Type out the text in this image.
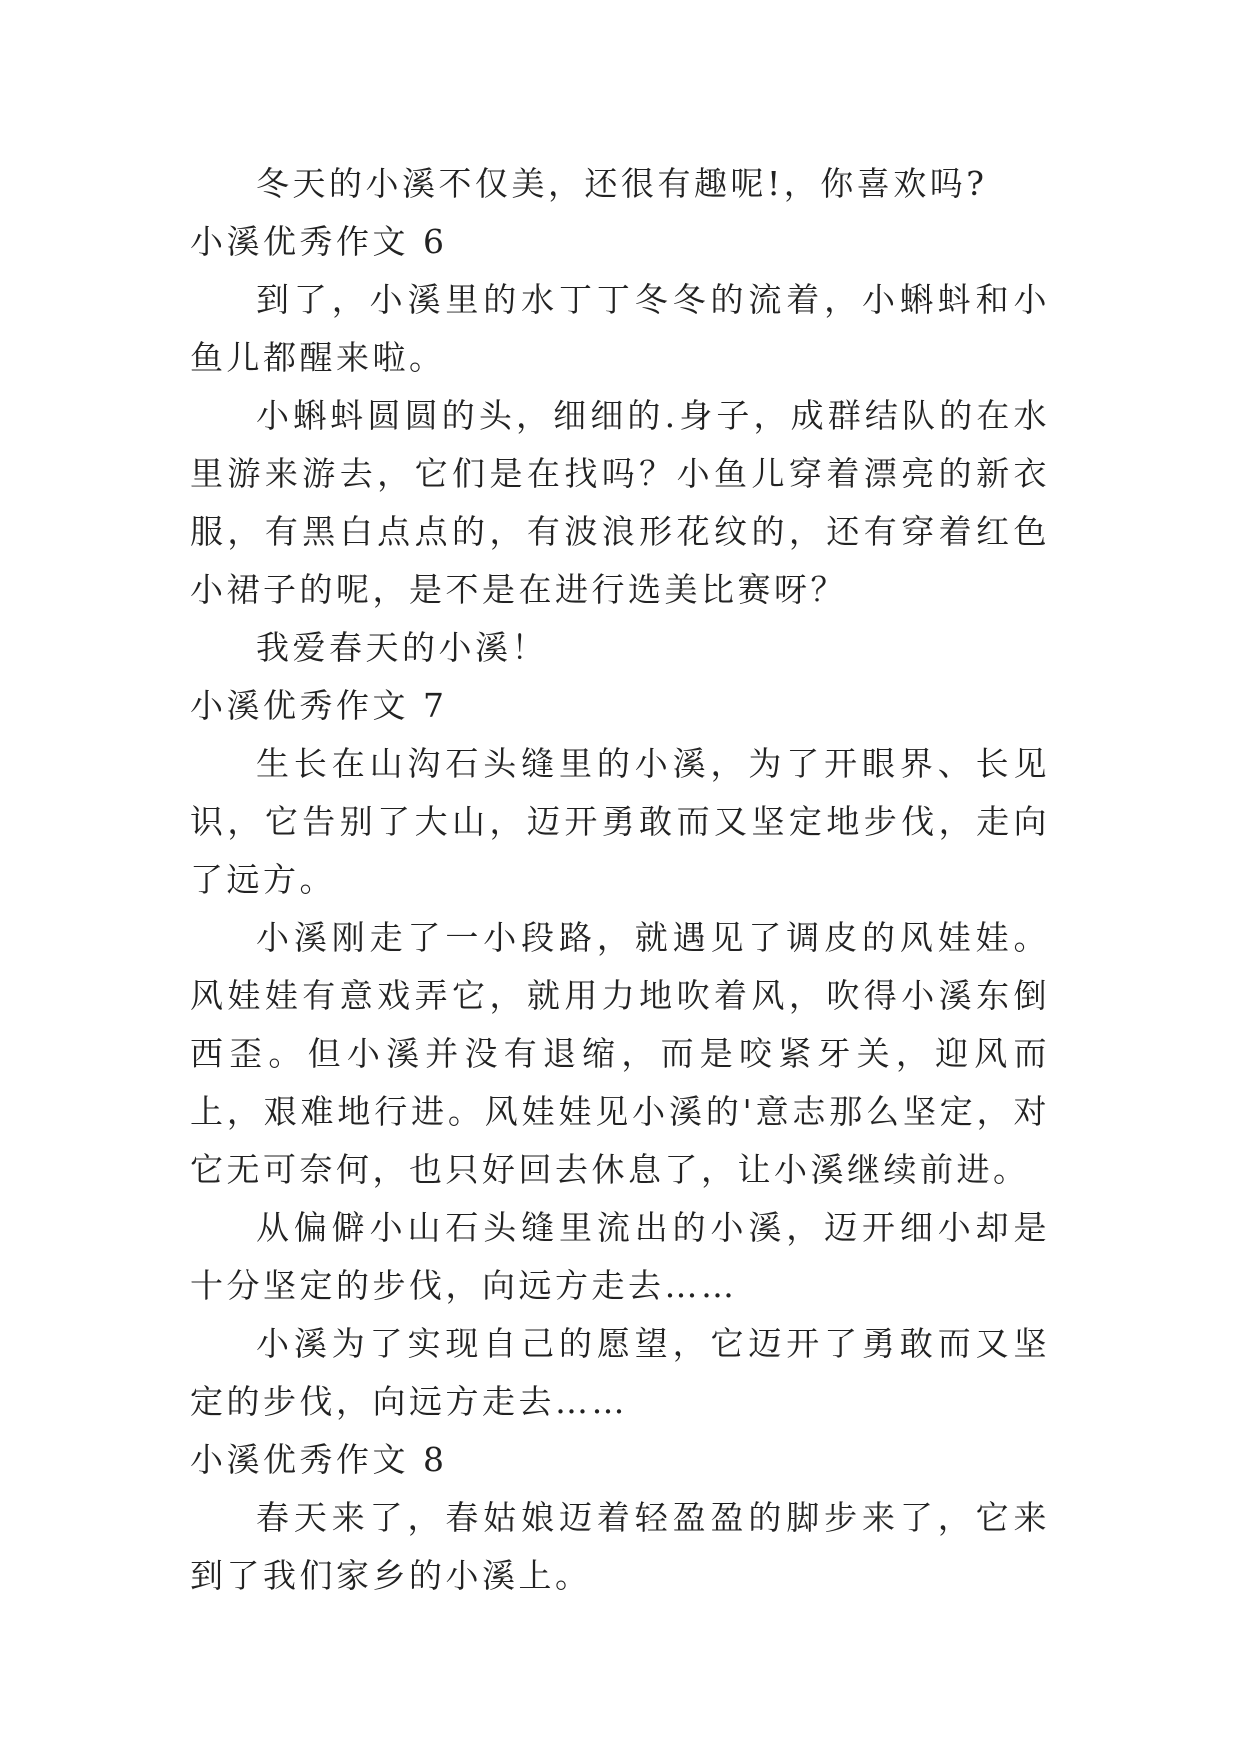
冬天的小溪不仅美，还很有趣呢!，你喜欢吗?

小溪优秀作文 6

到了，小溪里的水丁丁冬冬的流着，小蝌蚪和小鱼儿都醒来啦。

小蝌蚪圆圆的头，细细的.身子，成群结队的在水里游来游去，它们是在找吗？小鱼儿穿着漂亮的新衣服，有黑白点点的，有波浪形花纹的，还有穿着红色小裙子的呢，是不是在进行选美比赛呀？

我爱春天的小溪！

小溪优秀作文 7

生长在山沟石头缝里的小溪，为了开眼界、长见识，它告别了大山，迈开勇敢而又坚定地步伐，走向了远方。

小溪刚走了一小段路，就遇见了调皮的风娃娃。风娃娃有意戏弄它，就用力地吹着风，吹得小溪东倒西歪。但小溪并没有退缩，而是咬紧牙关，迎风而上，艰难地行进。风娃娃见小溪的'意志那么坚定，对它无可奈何，也只好回去休息了，让小溪继续前进。

从偏僻小山石头缝里流出的小溪，迈开细小却是十分坚定的步伐，向远方走去……

小溪为了实现自己的愿望，它迈开了勇敢而又坚定的步伐，向远方走去……

小溪优秀作文 8

春天来了，春姑娘迈着轻盈盈的脚步来了，它来到了我们家乡的小溪上。
